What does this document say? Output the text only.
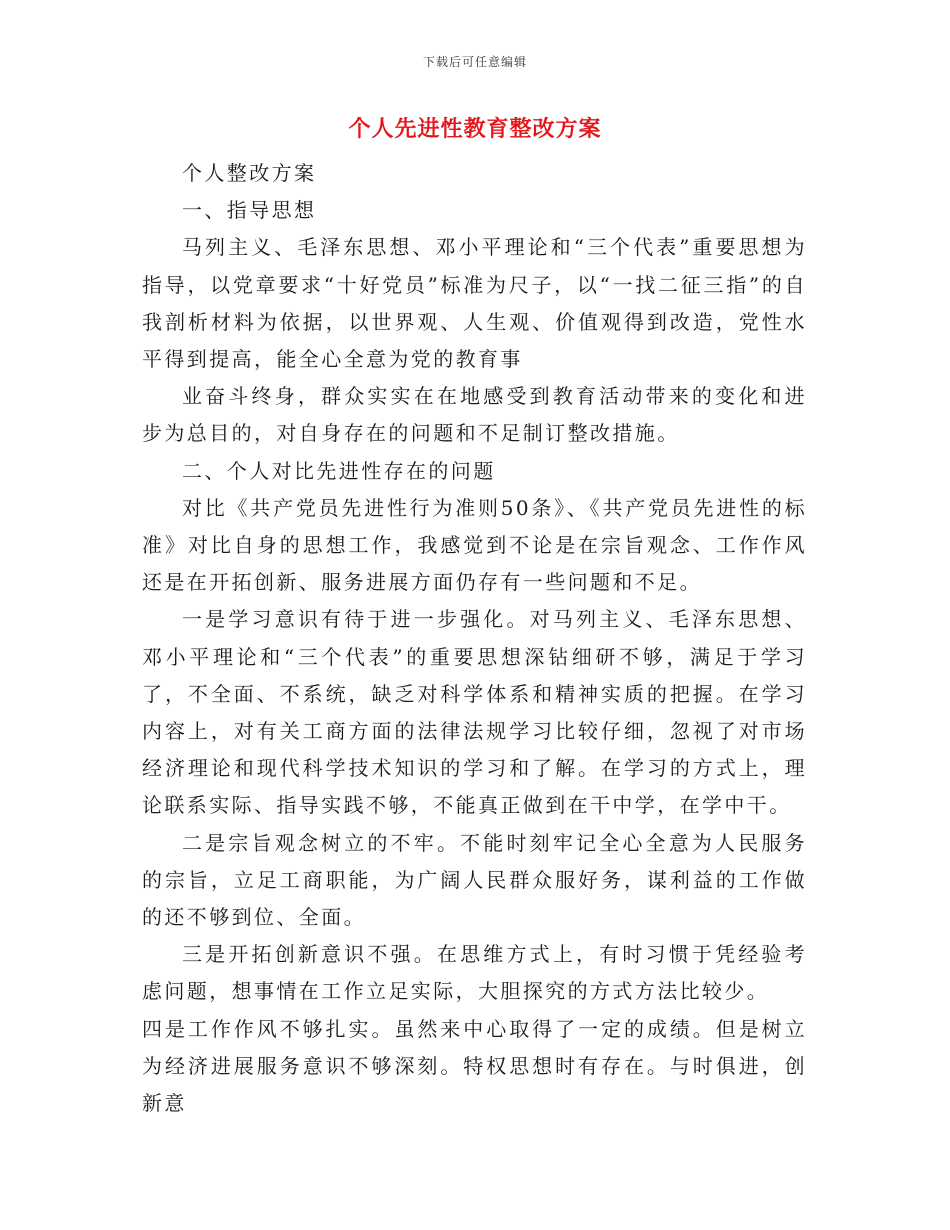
下载后可任意编辑
个人先进性教育整改方案

个人整改方案

一、指导思想

马列主义、毛泽东思想、邓小平理论和“三个代表”重要思想为指导，以党章要求“十好党员”标准为尺子，以“一找二征三指”的自我剖析材料为依据，以世界观、人生观、价值观得到改造，党性水平得到提高，能全心全意为党的教育事

业奋斗终身，群众实实在在地感受到教育活动带来的变化和进步为总目的，对自身存在的问题和不足制订整改措施。

二、个人对比先进性存在的问题

对比《共产党员先进性行为准则50条》、《共产党员先进性的标准》对比自身的思想工作，我感觉到不论是在宗旨观念、工作作风还是在开拓创新、服务进展方面仍存有一些问题和不足。

一是学习意识有待于进一步强化。对马列主义、毛泽东思想、邓小平理论和“三个代表”的重要思想深钻细研不够，满足于学习了，不全面、不系统，缺乏对科学体系和精神实质的把握。在学习内容上，对有关工商方面的法律法规学习比较仔细，忽视了对市场经济理论和现代科学技术知识的学习和了解。在学习的方式上，理论联系实际、指导实践不够，不能真正做到在干中学，在学中干。

二是宗旨观念树立的不牢。不能时刻牢记全心全意为人民服务的宗旨，立足工商职能，为广阔人民群众服好务，谋利益的工作做的还不够到位、全面。

三是开拓创新意识不强。在思维方式上，有时习惯于凭经验考虑问题，想事情在工作立足实际，大胆探究的方式方法比较少。

四是工作作风不够扎实。虽然来中心取得了一定的成绩。但是树立为经济进展服务意识不够深刻。特权思想时有存在。与时俱进，创新意
